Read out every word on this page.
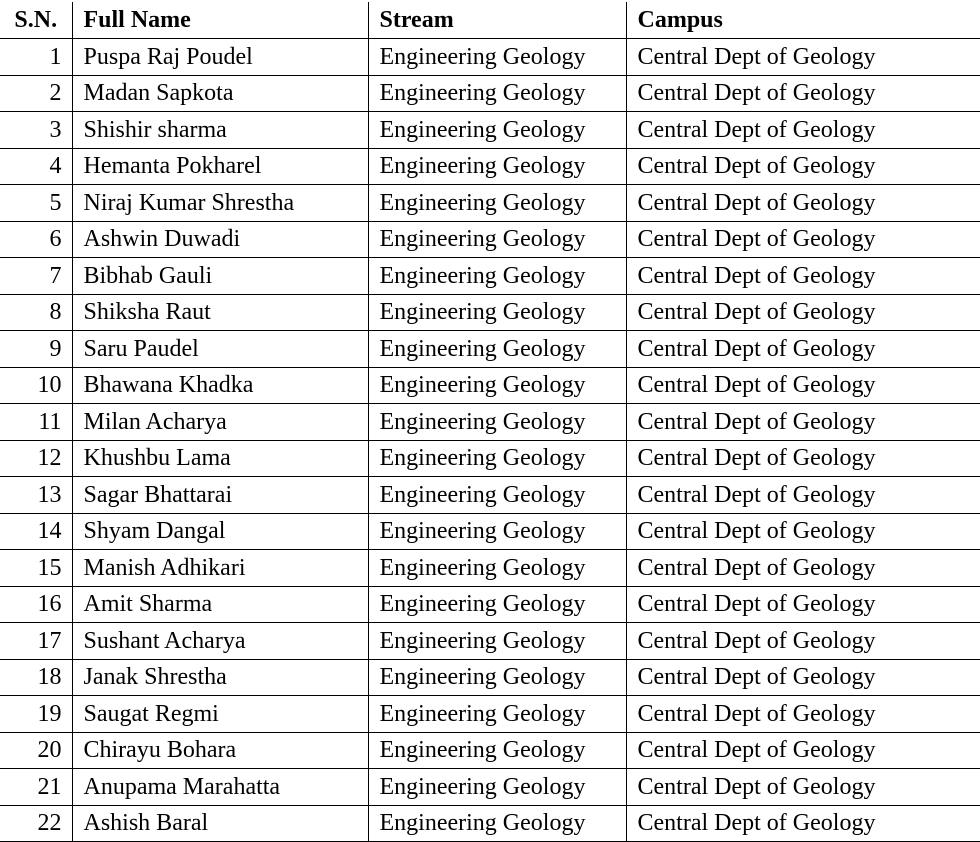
S.N.	Full Name	Stream	Campus
1	Puspa Raj Poudel	Engineering Geology	Central Dept of Geology
2	Madan Sapkota	Engineering Geology	Central Dept of Geology
3	Shishir sharma	Engineering Geology	Central Dept of Geology
4	Hemanta Pokharel	Engineering Geology	Central Dept of Geology
5	Niraj Kumar Shrestha	Engineering Geology	Central Dept of Geology
6	Ashwin Duwadi	Engineering Geology	Central Dept of Geology
7	Bibhab Gauli	Engineering Geology	Central Dept of Geology
8	Shiksha Raut	Engineering Geology	Central Dept of Geology
9	Saru Paudel	Engineering Geology	Central Dept of Geology
10	Bhawana Khadka	Engineering Geology	Central Dept of Geology
11	Milan Acharya	Engineering Geology	Central Dept of Geology
12	Khushbu Lama	Engineering Geology	Central Dept of Geology
13	Sagar Bhattarai	Engineering Geology	Central Dept of Geology
14	Shyam Dangal	Engineering Geology	Central Dept of Geology
15	Manish Adhikari	Engineering Geology	Central Dept of Geology
16	Amit Sharma	Engineering Geology	Central Dept of Geology
17	Sushant Acharya	Engineering Geology	Central Dept of Geology
18	Janak Shrestha	Engineering Geology	Central Dept of Geology
19	Saugat Regmi	Engineering Geology	Central Dept of Geology
20	Chirayu Bohara	Engineering Geology	Central Dept of Geology
21	Anupama Marahatta	Engineering Geology	Central Dept of Geology
22	Ashish Baral	Engineering Geology	Central Dept of Geology
